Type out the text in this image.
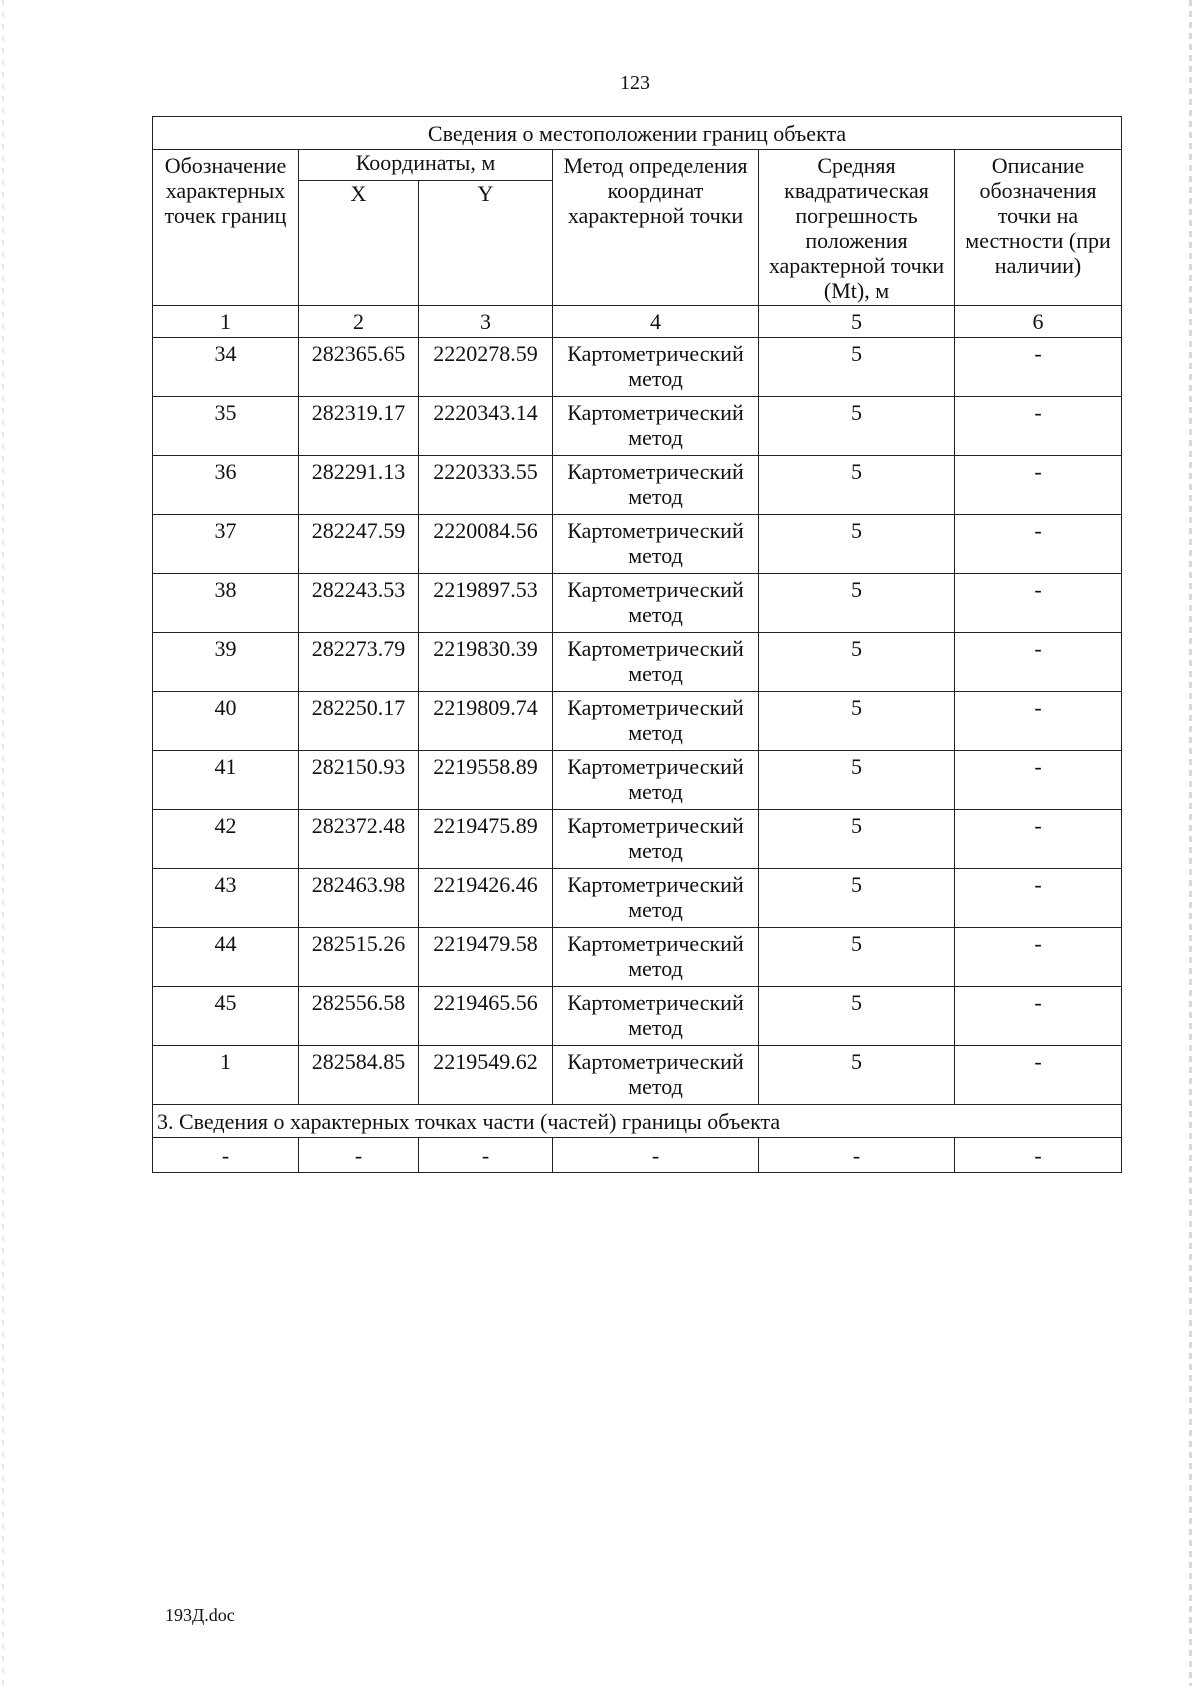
123
Сведения о местоположении границ объекта					
Обозначение характерных точек границ	Координаты, м		Метод определения координат характерной точки	Средняя квадратическая погрешность положения характерной точки (Mt), м	Описание обозначения точки на местности (при наличии)
	X	Y			
1	2	3	4	5	6
34	282365.65	2220278.59	Картометрический метод	5	-
35	282319.17	2220343.14	Картометрический метод	5	-
36	282291.13	2220333.55	Картометрический метод	5	-
37	282247.59	2220084.56	Картометрический метод	5	-
38	282243.53	2219897.53	Картометрический метод	5	-
39	282273.79	2219830.39	Картометрический метод	5	-
40	282250.17	2219809.74	Картометрический метод	5	-
41	282150.93	2219558.89	Картометрический метод	5	-
42	282372.48	2219475.89	Картометрический метод	5	-
43	282463.98	2219426.46	Картометрический метод	5	-
44	282515.26	2219479.58	Картометрический метод	5	-
45	282556.58	2219465.56	Картометрический метод	5	-
1	282584.85	2219549.62	Картометрический метод	5	-
3. Сведения о характерных точках части (частей) границы объекта					
-	-	-	-	-	-
193Д.doc
